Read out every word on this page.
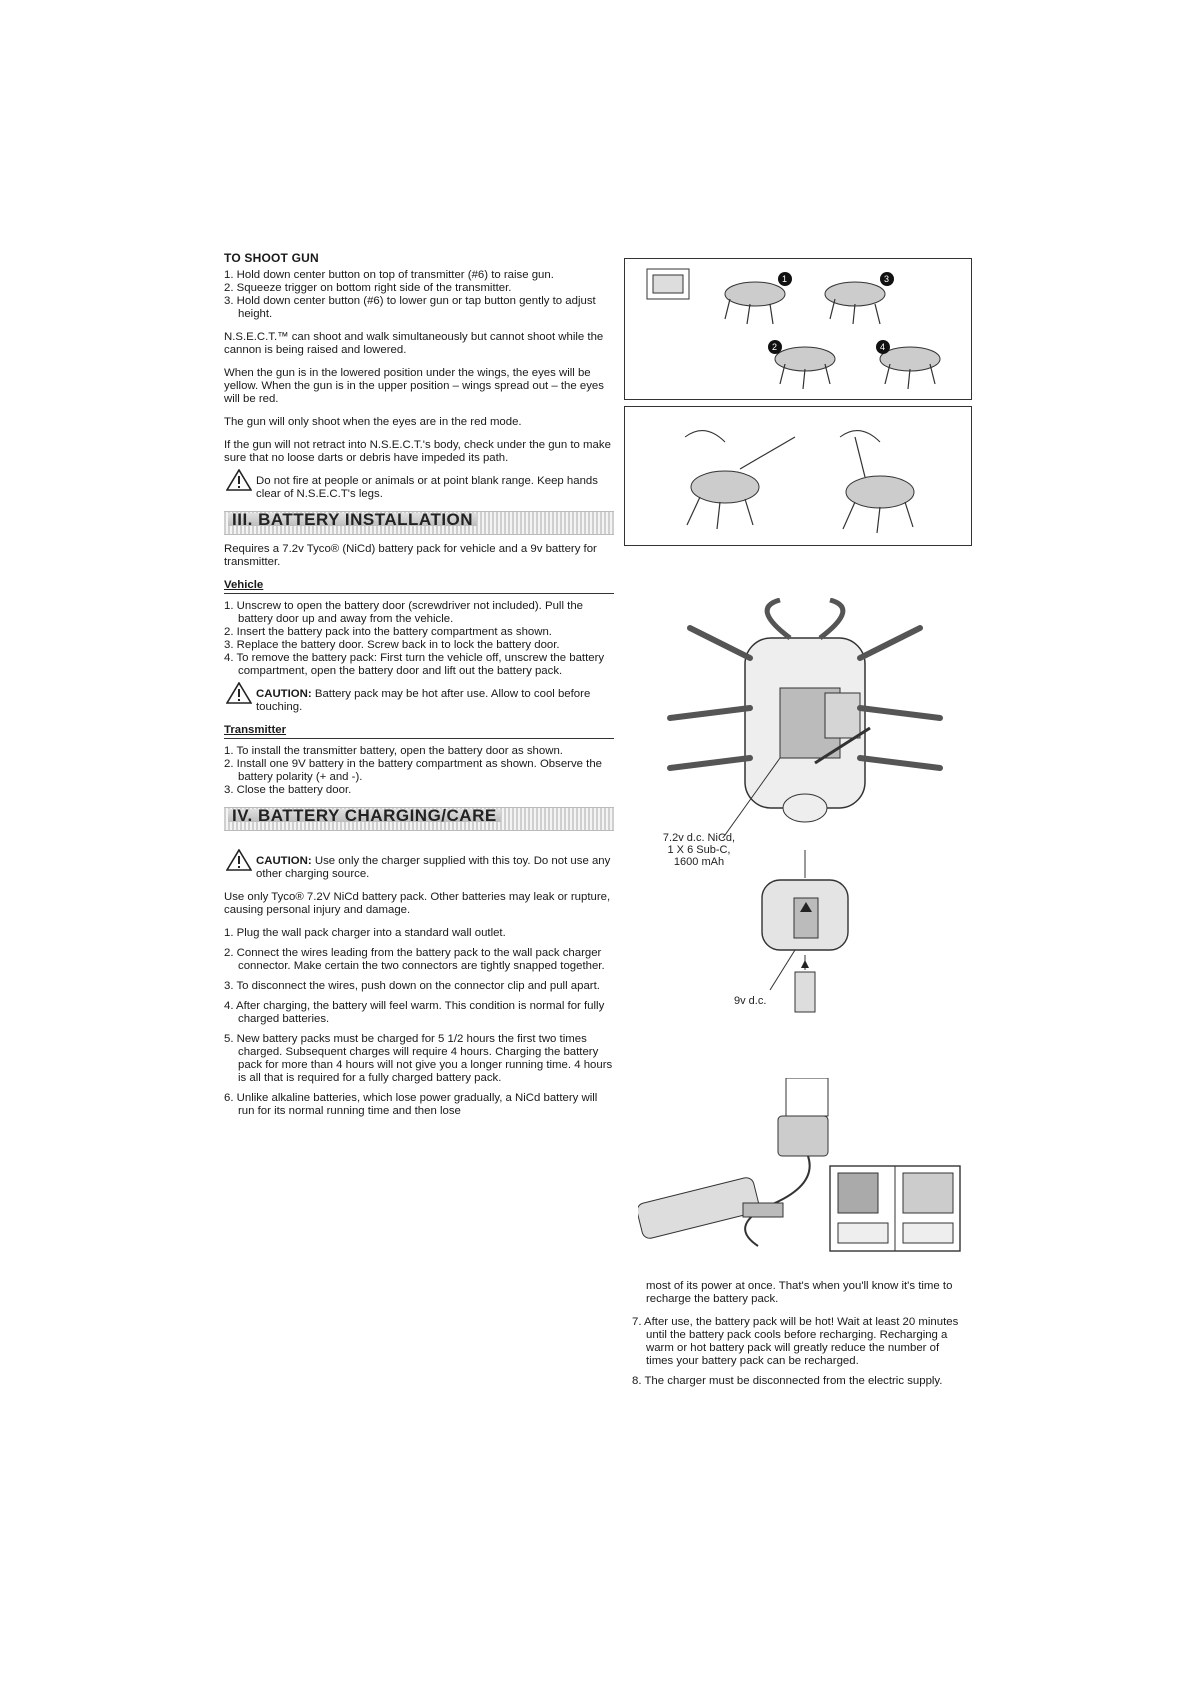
TO SHOOT GUN
1. Hold down center button on top of transmitter (#6) to raise gun.
2. Squeeze trigger on bottom right side of the transmitter.
3. Hold down center button (#6) to lower gun or tap button gently to adjust height.

N.S.E.C.T.™ can shoot and walk simultaneously but cannot shoot while the cannon is being raised and lowered.

When the gun is in the lowered position under the wings, the eyes will be yellow. When the gun is in the upper position – wings spread out – the eyes will be red.

The gun will only shoot when the eyes are in the red mode.

If the gun will not retract into N.S.E.C.T.'s body, check under the gun to make sure that no loose darts or debris have impeded its path.

Do not fire at people or animals or at point blank range. Keep hands clear of N.S.E.C.T's legs.
III. BATTERY INSTALLATION

Requires a 7.2v Tyco® (NiCd) battery pack for vehicle and a 9v battery for transmitter.

Vehicle
1. Unscrew to open the battery door (screwdriver not included). Pull the battery door up and away from the vehicle.
2. Insert the battery pack into the battery compartment as shown.
3. Replace the battery door. Screw back in to lock the battery door.
4. To remove the battery pack: First turn the vehicle off, unscrew the battery compartment, open the battery door and lift out the battery pack.
CAUTION: Battery pack may be hot after use. Allow to cool before touching.
Transmitter
1. To install the transmitter battery, open the battery door as shown.
2. Install one 9V battery in the battery compartment as shown. Observe the battery polarity (+ and -).
3. Close the battery door.
IV. BATTERY CHARGING/CARE
CAUTION: Use only the charger supplied with this toy. Do not use any other charging source.

Use only Tyco® 7.2V NiCd battery pack. Other batteries may leak or rupture, causing personal injury and damage.

1. Plug the wall pack charger into a standard wall outlet.
2. Connect the wires leading from the battery pack to the wall pack charger connector. Make certain the two connectors are tightly snapped together.
3. To disconnect the wires, push down on the connector clip and pull apart.
4. After charging, the battery will feel warm. This condition is normal for fully charged batteries.
5. New battery packs must be charged for 5 1/2 hours the first two times charged. Subsequent charges will require 4 hours. Charging the battery pack for more than 4 hours will not give you a longer running time. 4 hours is all that is required for a fully charged battery pack.
6. Unlike alkaline batteries, which lose power gradually, a NiCd battery will run for its normal running time and then lose

most of its power at once. That's when you'll know it's time to recharge the battery pack.

7. After use, the battery pack will be hot! Wait at least 20 minutes until the battery pack cools before recharging. Recharging a warm or hot battery pack will greatly reduce the number of times your battery pack can be recharged.
8. The charger must be disconnected from the electric supply.
1	3
2	4
7.2v d.c. NiCd,
1 X 6 Sub-C,
1600 mAh
9v d.c.
